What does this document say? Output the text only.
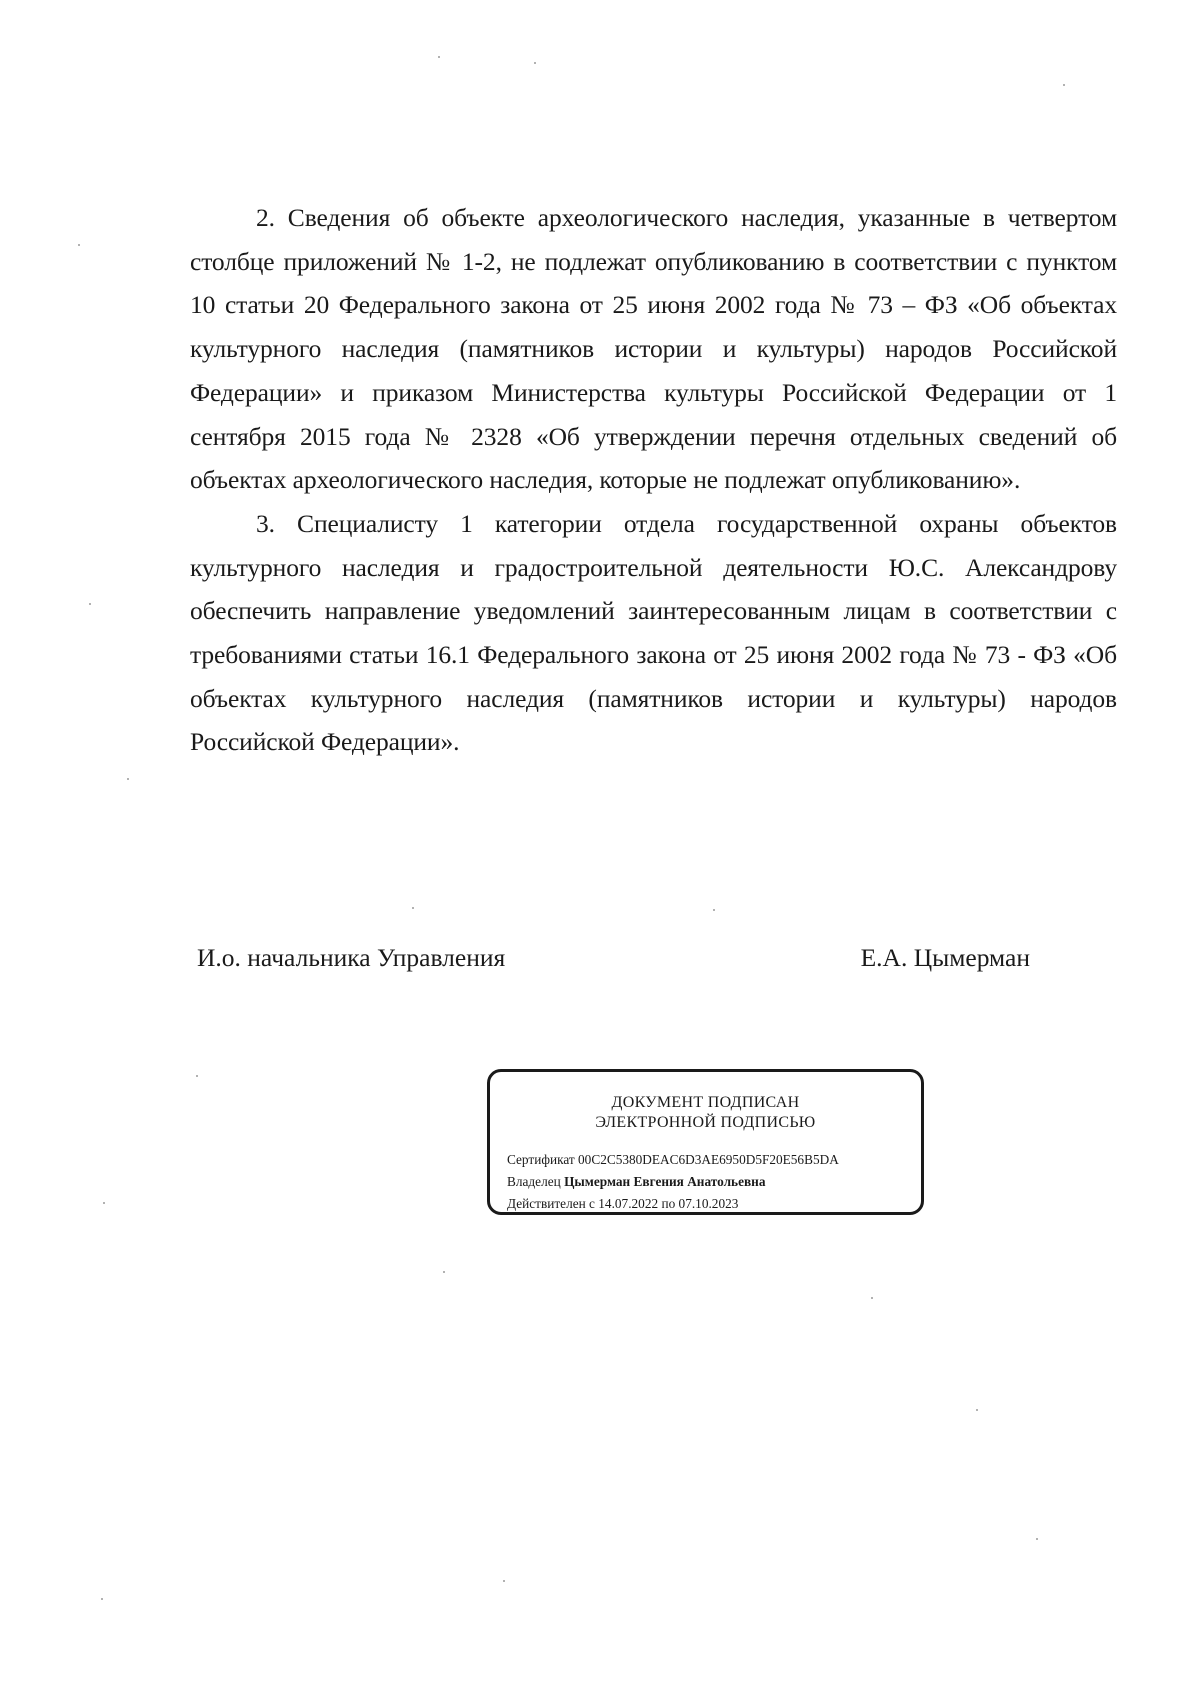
2. Сведения об объекте археологического наследия, указанные в четвертом столбце приложений № 1-2, не подлежат опубликованию в соответствии с пунктом 10 статьи 20 Федерального закона от 25 июня 2002 года № 73 – ФЗ «Об объектах культурного наследия (памятников истории и культуры) народов Российской Федерации» и приказом Министерства культуры Российской Федерации от 1 сентября 2015 года № 2328 «Об утверждении перечня отдельных сведений об объектах археологического наследия, которые не подлежат опубликованию».

3. Специалисту 1 категории отдела государственной охраны объектов культурного наследия и градостроительной деятельности Ю.С. Александрову обеспечить направление уведомлений заинтересованным лицам в соответствии с требованиями статьи 16.1 Федерального закона от 25 июня 2002 года № 73 - ФЗ «Об объектах культурного наследия (памятников истории и культуры) народов Российской Федерации».

И.о. начальника Управления	Е.А. Цымерман
ДОКУМЕНТ ПОДПИСАН
ЭЛЕКТРОННОЙ ПОДПИСЬЮ
Сертификат 00C2C5380DEAC6D3AE6950D5F20E56B5DA
Владелец Цымерман Евгения Анатольевна
Действителен с 14.07.2022 по 07.10.2023
